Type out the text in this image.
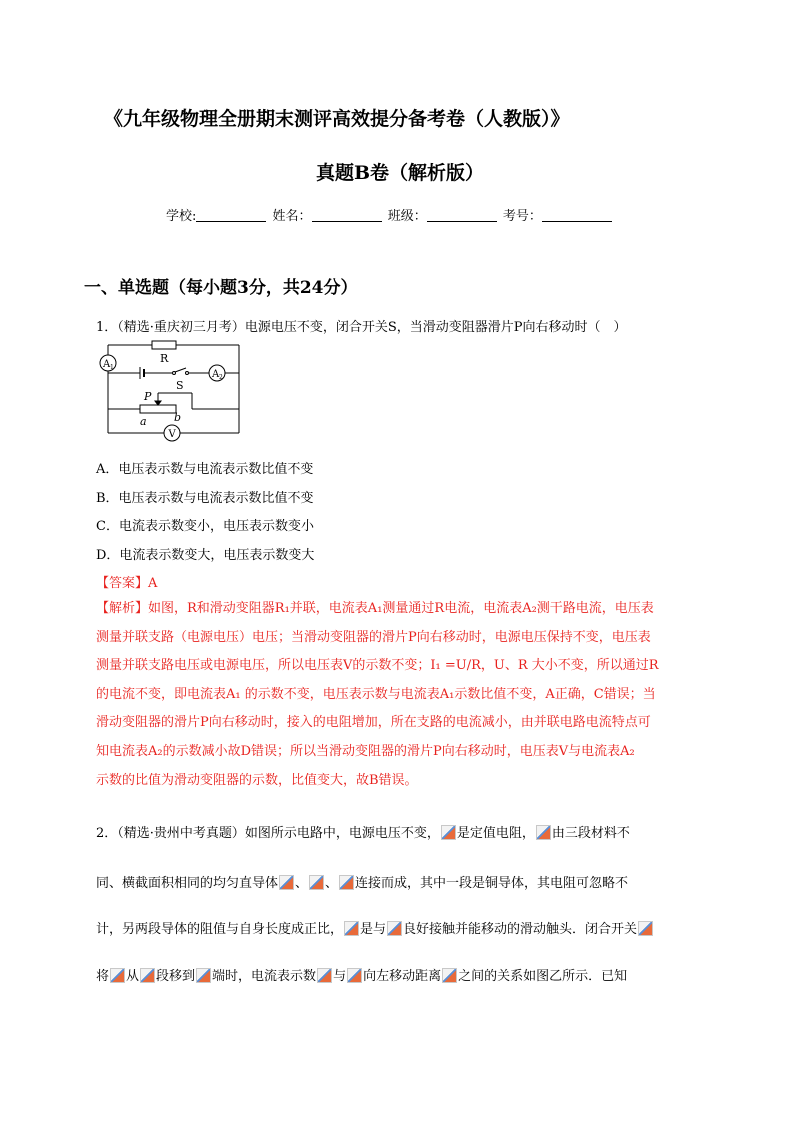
《九年级物理全册期末测评高效提分备考卷（人教版）》
真题B卷（解析版）
学校:	姓名：	班级：	考号：
一、单选题（每小题3分，共24分）
1．（精选·重庆初三月考）电源电压不变，闭合开关S，当滑动变阻器滑片P向右移动时（　）
R
S
P
a b
V
A 1
A 2
A．电压表示数与电流表示数比值不变
B．电压表示数与电流表示数比值不变
C．电流表示数变小，电压表示数变小
D．电流表示数变大，电压表示数变大
【答案】A
【解析】如图，R和滑动变阻器R₁并联，电流表A₁测量通过R电流，电流表A₂测干路电流，电压表
测量并联支路（电源电压）电压；当滑动变阻器的滑片P向右移动时，电源电压保持不变，电压表
测量并联支路电压或电源电压，所以电压表V的示数不变；I₁ =U/R，U、R 大小不变，所以通过R
的电流不变，即电流表A₁ 的示数不变，电压表示数与电流表A₁示数比值不变，A正确，C错误；当
滑动变阻器的滑片P向右移动时，接入的电阻增加，所在支路的电流减小，由并联电路电流特点可
知电流表A₂的示数减小故D错误；所以当滑动变阻器的滑片P向右移动时，电压表V与电流表A₂
示数的比值为滑动变阻器的示数，比值变大，故B错误。
2．（精选·贵州中考真题）如图所示电路中，电源电压不变， 是定值电阻， 由三段材料不
同、横截面积相同的均匀直导体 、 、 连接而成，其中一段是铜导体，其电阻可忽略不
计，另两段导体的阻值与自身长度成正比， 是与 良好接触并能移动的滑动触头．闭合开关
将 从 段移到 端时，电流表示数 与 向左移动距离 之间的关系如图乙所示．已知
